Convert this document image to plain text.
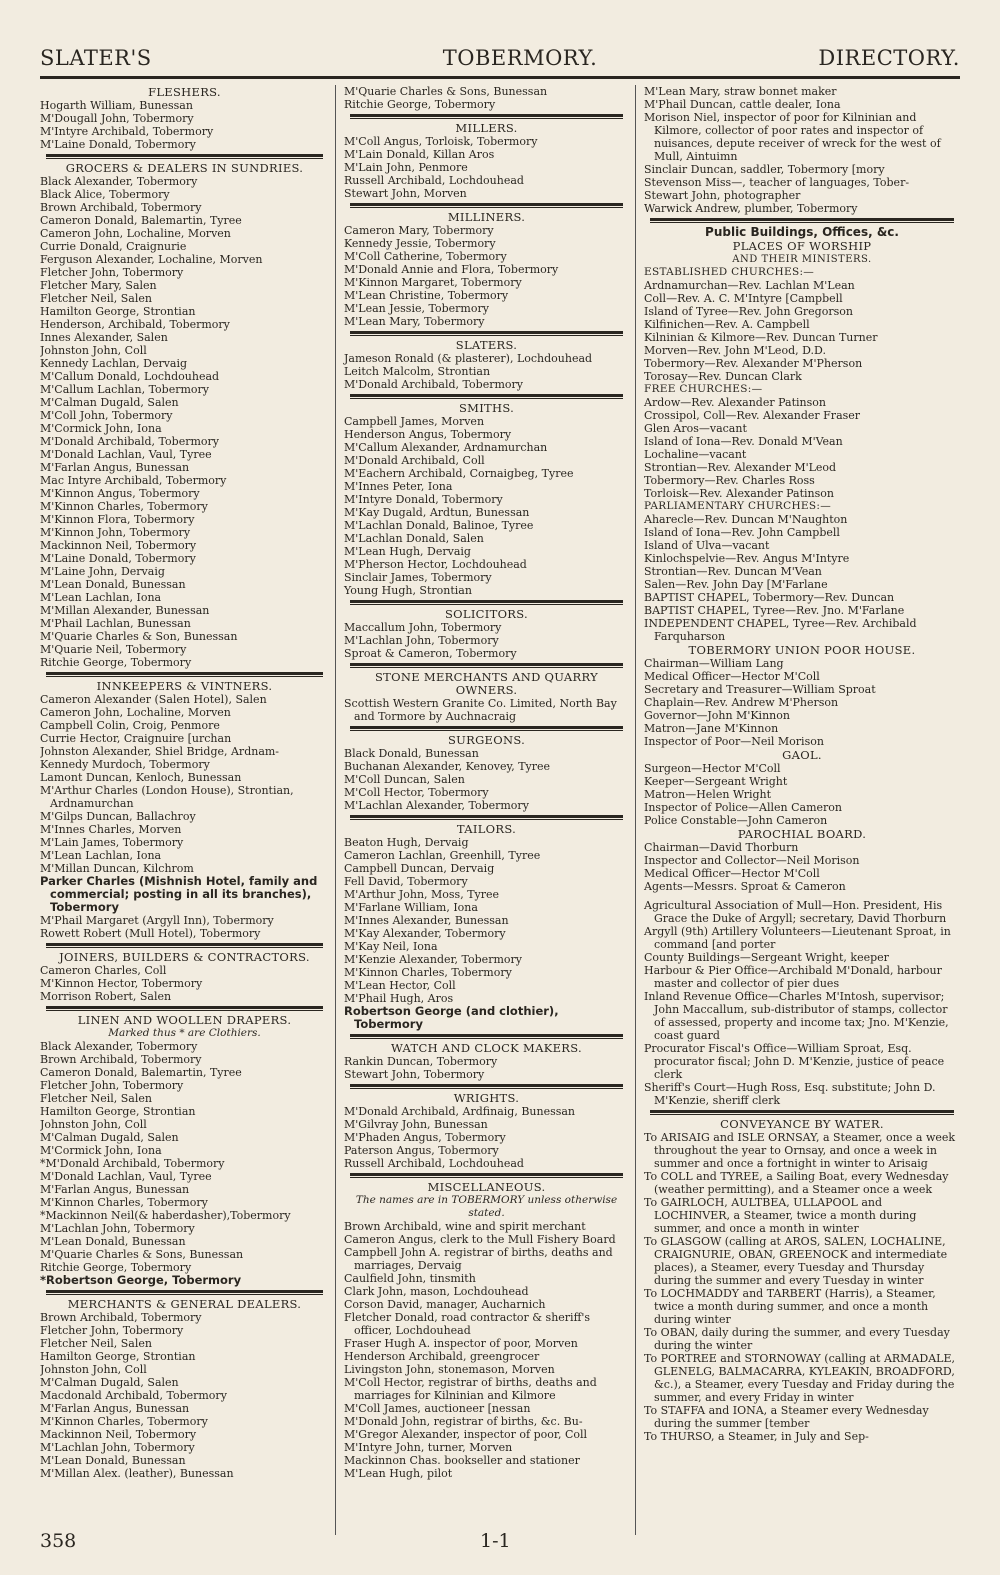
SLATER'S	TOBERMORY.	DIRECTORY.
FLESHERS.
Hogarth William, Bunessan
M'Dougall John, Tobermory
M'Intyre Archibald, Tobermory
M'Laine Donald, Tobermory
GROCERS & DEALERS IN SUNDRIES.
Black Alexander, Tobermory
Black Alice, Tobermory
Brown Archibald, Tobermory
Cameron Donald, Balemartin, Tyree
Cameron John, Lochaline, Morven
Currie Donald, Craignurie
Ferguson Alexander, Lochaline, Morven
Fletcher John, Tobermory
Fletcher Mary, Salen
Fletcher Neil, Salen
Hamilton George, Strontian
Henderson, Archibald, Tobermory
Innes Alexander, Salen
Johnston John, Coll
Kennedy Lachlan, Dervaig
M'Callum Donald, Lochdouhead
M'Callum Lachlan, Tobermory
M'Calman Dugald, Salen
M'Coll John, Tobermory
M'Cormick John, Iona
M'Donald Archibald, Tobermory
M'Donald Lachlan, Vaul, Tyree
M'Farlan Angus, Bunessan
Mac Intyre Archibald, Tobermory
M'Kinnon Angus, Tobermory
M'Kinnon Charles, Tobermory
M'Kinnon Flora, Tobermory
M'Kinnon John, Tobermory
Mackinnon Neil, Tobermory
M'Laine Donald, Tobermory
M'Laine John, Dervaig
M'Lean Donald, Bunessan
M'Lean Lachlan, Iona
M'Millan Alexander, Bunessan
M'Phail Lachlan, Bunessan
M'Quarie Charles & Son, Bunessan
M'Quarie Neil, Tobermory
Ritchie George, Tobermory
INNKEEPERS & VINTNERS.
Cameron Alexander (Salen Hotel), Salen
Cameron John, Lochaline, Morven
Campbell Colin, Croig, Penmore
Currie Hector, Craignuire [urchan
Johnston Alexander, Shiel Bridge, Ardnam-
Kennedy Murdoch, Tobermory
Lamont Duncan, Kenloch, Bunessan
M'Arthur Charles (London House), Strontian, Ardnamurchan
M'Gilps Duncan, Ballachroy
M'Innes Charles, Morven
M'Lain James, Tobermory
M'Lean Lachlan, Iona
M'Millan Duncan, Kilchrom
Parker Charles (Mishnish Hotel, family and commercial; posting in all its branches), Tobermory
M'Phail Margaret (Argyll Inn), Tobermory
Rowett Robert (Mull Hotel), Tobermory
JOINERS, BUILDERS & CONTRACTORS.
Cameron Charles, Coll
M'Kinnon Hector, Tobermory
Morrison Robert, Salen
LINEN AND WOOLLEN DRAPERS.
Marked thus * are Clothiers.
Black Alexander, Tobermory
Brown Archibald, Tobermory
Cameron Donald, Balemartin, Tyree
Fletcher John, Tobermory
Fletcher Neil, Salen
Hamilton George, Strontian
Johnston John, Coll
M'Calman Dugald, Salen
M'Cormick John, Iona
*M'Donald Archibald, Tobermory
M'Donald Lachlan, Vaul, Tyree
M'Farlan Angus, Bunessan
M'Kinnon Charles, Tobermory
*Mackinnon Neil(& haberdasher),Tobermory
M'Lachlan John, Tobermory
M'Lean Donald, Bunessan
M'Quarie Charles & Sons, Bunessan
Ritchie George, Tobermory
*Robertson George, Tobermory
MERCHANTS & GENERAL DEALERS.
Brown Archibald, Tobermory
Fletcher John, Tobermory
Fletcher Neil, Salen
Hamilton George, Strontian
Johnston John, Coll
M'Calman Dugald, Salen
Macdonald Archibald, Tobermory
M'Farlan Angus, Bunessan
M'Kinnon Charles, Tobermory
Mackinnon Neil, Tobermory
M'Lachlan John, Tobermory
M'Lean Donald, Bunessan
M'Millan Alex. (leather), Bunessan
M'Quarie Charles & Sons, Bunessan
Ritchie George, Tobermory
MILLERS.
M'Coll Angus, Torloisk, Tobermory
M'Lain Donald, Killan Aros
M'Lain John, Penmore
Russell Archibald, Lochdouhead
Stewart John, Morven
MILLINERS.
Cameron Mary, Tobermory
Kennedy Jessie, Tobermory
M'Coll Catherine, Tobermory
M'Donald Annie and Flora, Tobermory
M'Kinnon Margaret, Tobermory
M'Lean Christine, Tobermory
M'Lean Jessie, Tobermory
M'Lean Mary, Tobermory
SLATERS.
Jameson Ronald (& plasterer), Lochdouhead
Leitch Malcolm, Strontian
M'Donald Archibald, Tobermory
SMITHS.
Campbell James, Morven
Henderson Angus, Tobermory
M'Callum Alexander, Ardnamurchan
M'Donald Archibald, Coll
M'Eachern Archibald, Cornaigbeg, Tyree
M'Innes Peter, Iona
M'Intyre Donald, Tobermory
M'Kay Dugald, Ardtun, Bunessan
M'Lachlan Donald, Balinoe, Tyree
M'Lachlan Donald, Salen
M'Lean Hugh, Dervaig
M'Pherson Hector, Lochdouhead
Sinclair James, Tobermory
Young Hugh, Strontian
SOLICITORS.
Maccallum John, Tobermory
M'Lachlan John, Tobermory
Sproat & Cameron, Tobermory
STONE MERCHANTS AND QUARRY OWNERS.
Scottish Western Granite Co. Limited, North Bay and Tormore by Auchnacraig
SURGEONS.
Black Donald, Bunessan
Buchanan Alexander, Kenovey, Tyree
M'Coll Duncan, Salen
M'Coll Hector, Tobermory
M'Lachlan Alexander, Tobermory
TAILORS.
Beaton Hugh, Dervaig
Cameron Lachlan, Greenhill, Tyree
Campbell Duncan, Dervaig
Fell David, Tobermory
M'Arthur John, Moss, Tyree
M'Farlane William, Iona
M'Innes Alexander, Bunessan
M'Kay Alexander, Tobermory
M'Kay Neil, Iona
M'Kenzie Alexander, Tobermory
M'Kinnon Charles, Tobermory
M'Lean Hector, Coll
M'Phail Hugh, Aros
Robertson George (and clothier), Tobermory
WATCH AND CLOCK MAKERS.
Rankin Duncan, Tobermory
Stewart John, Tobermory
WRIGHTS.
M'Donald Archibald, Ardfinaig, Bunessan
M'Gilvray John, Bunessan
M'Phaden Angus, Tobermory
Paterson Angus, Tobermory
Russell Archibald, Lochdouhead
MISCELLANEOUS.
The names are in TOBERMORY unless otherwise stated.
Brown Archibald, wine and spirit merchant
Cameron Angus, clerk to the Mull Fishery Board
Campbell John A. registrar of births, deaths and marriages, Dervaig
Caulfield John, tinsmith
Clark John, mason, Lochdouhead
Corson David, manager, Aucharnich
Fletcher Donald, road contractor & sheriff's officer, Lochdouhead
Fraser Hugh A. inspector of poor, Morven
Henderson Archibald, greengrocer
Livingston John, stonemason, Morven
M'Coll Hector, registrar of births, deaths and marriages for Kilninian and Kilmore
M'Coll James, auctioneer [nessan
M'Donald John, registrar of births, &c. Bu-
M'Gregor Alexander, inspector of poor, Coll
M'Intyre John, turner, Morven
Mackinnon Chas. bookseller and stationer
M'Lean Hugh, pilot
M'Lean Mary, straw bonnet maker
M'Phail Duncan, cattle dealer, Iona
Morison Niel, inspector of poor for Kilninian and Kilmore, collector of poor rates and inspector of nuisances, depute receiver of wreck for the west of Mull, Aintuimn
Sinclair Duncan, saddler, Tobermory [mory
Stevenson Miss—, teacher of languages, Tober-
Stewart John, photographer
Warwick Andrew, plumber, Tobermory
Public Buildings, Offices, &c.
PLACES OF WORSHIP
AND THEIR MINISTERS.
ESTABLISHED CHURCHES:—
Ardnamurchan—Rev. Lachlan M'Lean
Coll—Rev. A. C. M'Intyre [Campbell
Island of Tyree—Rev. John Gregorson
Kilfinichen—Rev. A. Campbell
Kilninian & Kilmore—Rev. Duncan Turner
Morven—Rev. John M'Leod, D.D.
Tobermory—Rev. Alexander M'Pherson
Torosay—Rev. Duncan Clark
FREE CHURCHES:—
Ardow—Rev. Alexander Patinson
Crossipol, Coll—Rev. Alexander Fraser
Glen Aros—vacant
Island of Iona—Rev. Donald M'Vean
Lochaline—vacant
Strontian—Rev. Alexander M'Leod
Tobermory—Rev. Charles Ross
Torloisk—Rev. Alexander Patinson
PARLIAMENTARY CHURCHES:—
Aharecle—Rev. Duncan M'Naughton
Island of Iona—Rev. John Campbell
Island of Ulva—vacant
Kinlochspelvie—Rev. Angus M'Intyre
Strontian—Rev. Duncan M'Vean
Salen—Rev. John Day [M'Farlane
BAPTIST CHAPEL, Tobermory—Rev. Duncan
BAPTIST CHAPEL, Tyree—Rev. Jno. M'Farlane
INDEPENDENT CHAPEL, Tyree—Rev. Archibald Farquharson
TOBERMORY UNION POOR HOUSE.
Chairman—William Lang
Medical Officer—Hector M'Coll
Secretary and Treasurer—William Sproat
Chaplain—Rev. Andrew M'Pherson
Governor—John M'Kinnon
Matron—Jane M'Kinnon
Inspector of Poor—Neil Morison
GAOL.
Surgeon—Hector M'Coll
Keeper—Sergeant Wright
Matron—Helen Wright
Inspector of Police—Allen Cameron
Police Constable—John Cameron
PAROCHIAL BOARD.
Chairman—David Thorburn
Inspector and Collector—Neil Morison
Medical Officer—Hector M'Coll
Agents—Messrs. Sproat & Cameron
Agricultural Association of Mull—Hon. President, His Grace the Duke of Argyll; secretary, David Thorburn
Argyll (9th) Artillery Volunteers—Lieutenant Sproat, in command [and porter
County Buildings—Sergeant Wright, keeper
Harbour & Pier Office—Archibald M'Donald, harbour master and collector of pier dues
Inland Revenue Office—Charles M'Intosh, supervisor; John Maccallum, sub-distributor of stamps, collector of assessed, property and income tax; Jno. M'Kenzie, coast guard
Procurator Fiscal's Office—William Sproat, Esq. procurator fiscal; John D. M'Kenzie, justice of peace clerk
Sheriff's Court—Hugh Ross, Esq. substitute; John D. M'Kenzie, sheriff clerk
CONVEYANCE BY WATER.
To ARISAIG and ISLE ORNSAY, a Steamer, once a week throughout the year to Ornsay, and once a week in summer and once a fortnight in winter to Arisaig
To COLL and TYREE, a Sailing Boat, every Wednesday (weather permitting), and a Steamer once a week
To GAIRLOCH, AULTBEA, ULLAPOOL and LOCHINVER, a Steamer, twice a month during summer, and once a month in winter
To GLASGOW (calling at AROS, SALEN, LOCHALINE, CRAIGNURIE, OBAN, GREENOCK and intermediate places), a Steamer, every Tuesday and Thursday during the summer and every Tuesday in winter
To LOCHMADDY and TARBERT (Harris), a Steamer, twice a month during summer, and once a month during winter
To OBAN, daily during the summer, and every Tuesday during the winter
To PORTREE and STORNOWAY (calling at ARMADALE, GLENELG, BALMACARRA, KYLEAKIN, BROADFORD, &c.), a Steamer, every Tuesday and Friday during the summer, and every Friday in winter
To STAFFA and IONA, a Steamer every Wednesday during the summer [tember
To THURSO, a Steamer, in July and Sep-
358	1-1
